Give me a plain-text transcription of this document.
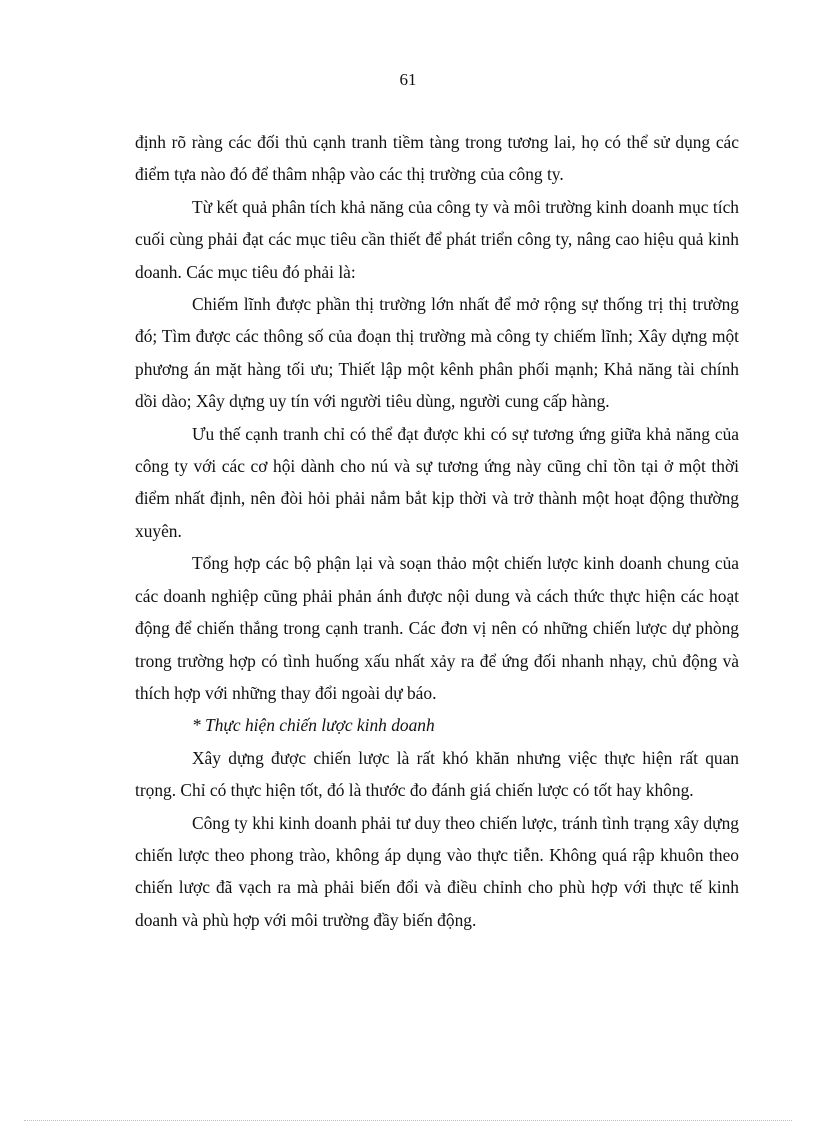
61

định rõ ràng các đối thủ cạnh tranh tiềm tàng trong tương lai, họ có thể sử dụng các điểm tựa nào đó để thâm nhập vào các thị trường của công ty.

Từ kết quả phân tích khả năng của công ty và môi trường kinh doanh mục tích cuối cùng phải đạt các mục tiêu cần thiết để phát triển công ty, nâng cao hiệu quả kinh doanh. Các mục tiêu đó phải là:

Chiếm lĩnh được phần thị trường lớn nhất để mở rộng sự thống trị thị trường đó; Tìm được các thông số của đoạn thị trường mà công ty chiếm lĩnh; Xây dựng một phương án mặt hàng tối ưu; Thiết lập một kênh phân phối mạnh; Khả năng tài chính dồi dào; Xây dựng uy tín với người tiêu dùng, người cung cấp hàng.

Ưu thế cạnh tranh chỉ có thể đạt được khi có sự tương ứng giữa khả năng của công ty với các cơ hội dành cho nú và sự tương ứng này cũng chỉ tồn tại ở một thời điểm nhất định, nên đòi hỏi phải nắm bắt kịp thời và trở thành một hoạt động thường xuyên.

Tổng hợp các bộ phận lại và soạn thảo một chiến lược kinh doanh chung của các doanh nghiệp cũng phải phản ánh được nội dung và cách thức thực hiện các hoạt động để chiến thắng trong cạnh tranh. Các đơn vị nên có những chiến lược dự phòng trong trường hợp có tình huống xấu nhất xảy ra để ứng đối nhanh nhạy, chủ động và thích hợp với những thay đổi ngoài dự báo.

* Thực hiện chiến lược kinh doanh

Xây dựng được chiến lược là rất khó khăn nhưng việc thực hiện rất quan trọng. Chỉ có thực hiện tốt, đó là thước đo đánh giá chiến lược có tốt hay không.

Công ty khi kinh doanh phải tư duy theo chiến lược, tránh tình trạng xây dựng chiến lược theo phong trào, không áp dụng vào thực tiễn. Không quá rập khuôn theo chiến lược đã vạch ra mà phải biến đổi và điều chỉnh cho phù hợp với thực tế kinh doanh và phù hợp với môi trường đầy biến động.
